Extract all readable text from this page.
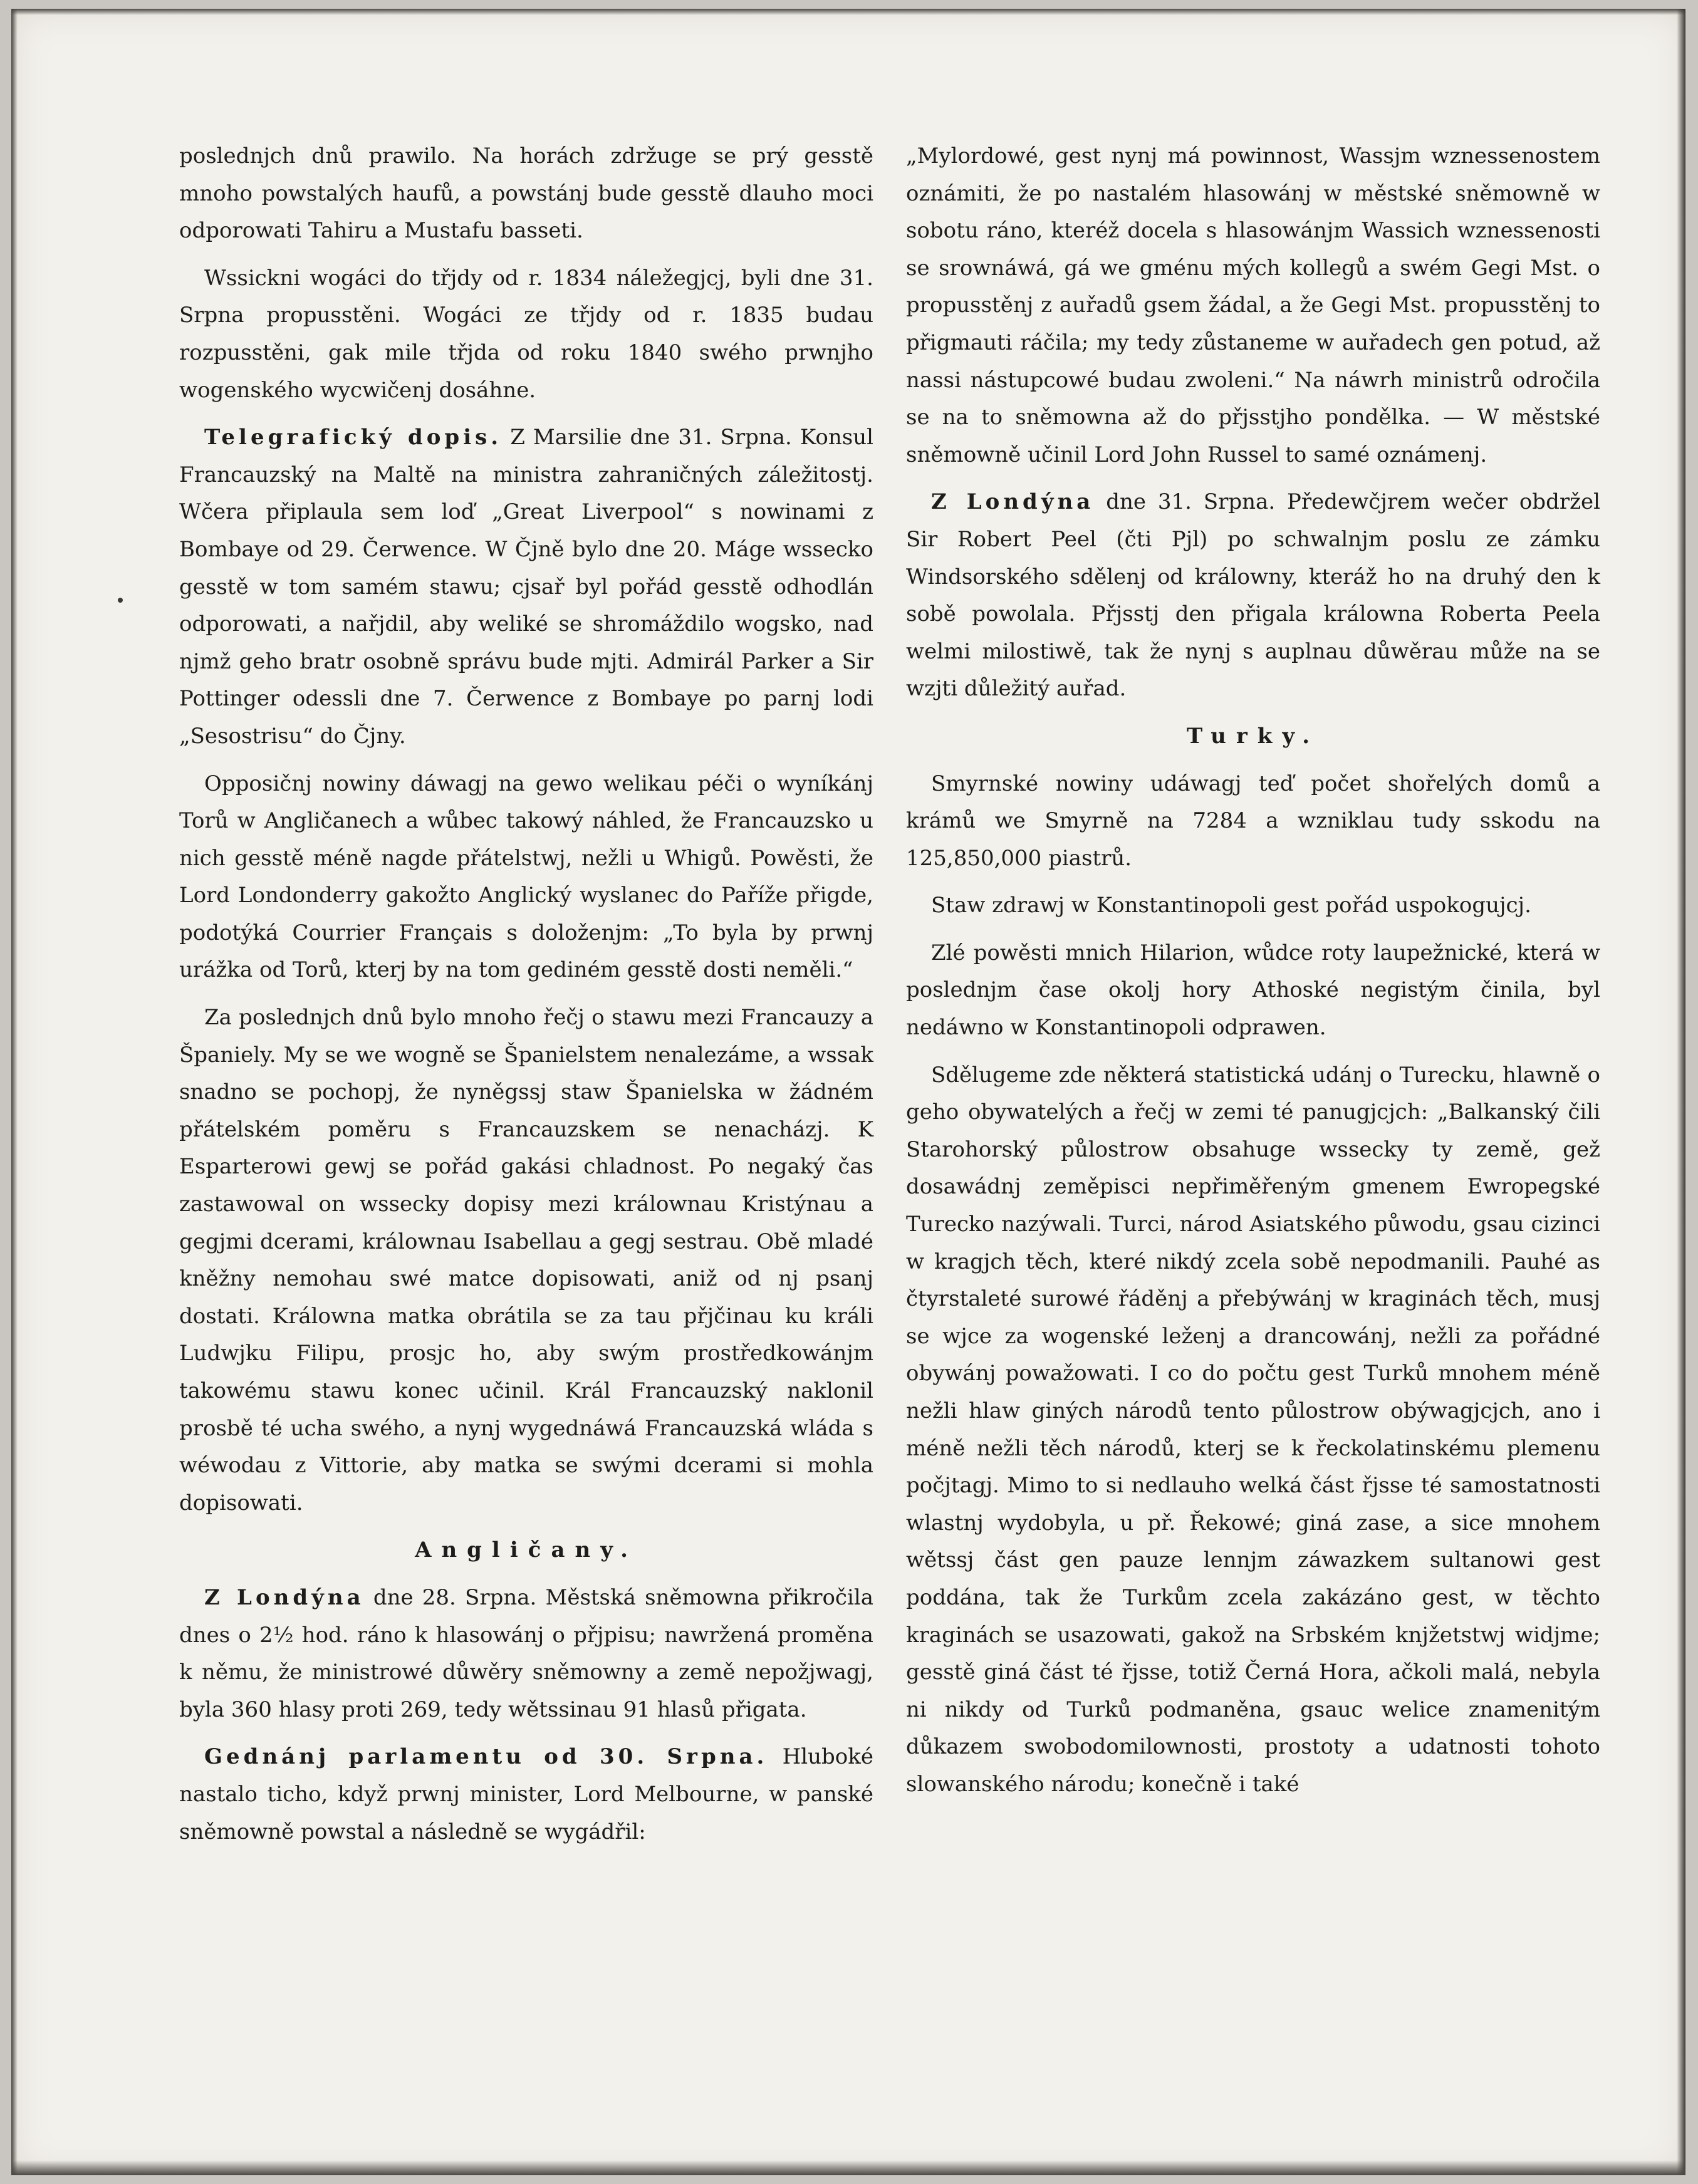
poslednjch dnů prawilo. Na horách zdržuge se prý gesstě mnoho powstalých haufů, a powstánj bude gesstě dlauho moci odporowati Tahiru a Mustafu basseti.

Wssickni wogáci do třjdy od r. 1834 náležegjcj, byli dne 31. Srpna propusstěni. Wogáci ze třjdy od r. 1835 budau rozpusstěni, gak mile třjda od roku 1840 swého prwnjho wogenského wycwičenj dosáhne.

Telegrafický dopis. Z Marsilie dne 31. Srpna. Konsul Francauzský na Maltě na ministra zahraničných záležitostj. Wčera připlaula sem loď „Great Liverpool“ s nowinami z Bombaye od 29. Čerwence. W Čjně bylo dne 20. Máge wssecko gesstě w tom samém stawu; cjsař byl pořád gesstě odhodlán odporowati, a nařjdil, aby weliké se shromáždilo wogsko, nad njmž geho bratr osobně správu bude mjti. Admirál Parker a Sir Pottinger odessli dne 7. Čerwence z Bombaye po parnj lodi „Sesostrisu“ do Čjny.

Opposičnj nowiny dáwagj na gewo welikau péči o wyníkánj Torů w Angličanech a wůbec takowý náhled, že Francauzsko u nich gesstě méně nagde přátelstwj, nežli u Whigů. Powěsti, že Lord Londonderry gakožto Anglický wyslanec do Paříže přigde, podotýká Courrier Français s doloženjm: „To byla by prwnj urážka od Torů, kterj by na tom gediném gesstě dosti neměli.“

Za poslednjch dnů bylo mnoho řečj o stawu mezi Francauzy a Španiely. My se we wogně se Španielstem nenalezáme, a wssak snadno se pochopj, že nyněgssj staw Španielska w žádném přátelském poměru s Francauzskem se nenacházj. K Esparterowi gewj se pořád gakási chladnost. Po negaký čas zastawowal on wssecky dopisy mezi králownau Kristýnau a gegjmi dcerami, králownau Isabellau a gegj sestrau. Obě mladé kněžny nemohau swé matce dopisowati, aniž od nj psanj dostati. Králowna matka obrátila se za tau přjčinau ku králi Ludwjku Filipu, prosjc ho, aby swým prostředkowánjm takowému stawu konec učinil. Král Francauzský naklonil prosbě té ucha swého, a nynj wygednáwá Francauzská wláda s wéwodau z Vittorie, aby matka se swými dcerami si mohla dopisowati.

Angličany.

Z Londýna dne 28. Srpna. Městská sněmowna přikročila dnes o 2½ hod. ráno k hlasowánj o přjpisu; nawržená proměna k němu, že ministrowé důwěry sněmowny a země nepožjwagj, byla 360 hlasy proti 269, tedy wětssinau 91 hlasů přigata.

Gednánj parlamentu od 30. Srpna. Hluboké nastalo ticho, když prwnj minister, Lord Melbourne, w panské sněmowně powstal a následně se wygádřil:

„Mylordowé, gest nynj má powinnost, Wassjm wznessenostem oznámiti, že po nastalém hlasowánj w městské sněmowně w sobotu ráno, kteréž docela s hlasowánjm Wassich wznessenosti se srownáwá, gá we gménu mých kollegů a swém Gegi Mst. o propusstěnj z auřadů gsem žádal, a že Gegi Mst. propusstěnj to přigmauti ráčila; my tedy zůstaneme w auřadech gen potud, až nassi nástupcowé budau zwoleni.“ Na náwrh ministrů odročila se na to sněmowna až do přjsstjho pondělka. — W městské sněmowně učinil Lord John Russel to samé oznámenj.

Z Londýna dne 31. Srpna. Předewčjrem wečer obdržel Sir Robert Peel (čti Pjl) po schwalnjm poslu ze zámku Windsorského sdělenj od králowny, kteráž ho na druhý den k sobě powolala. Přjsstj den přigala králowna Roberta Peela welmi milostiwě, tak že nynj s auplnau důwěrau může na se wzjti důležitý auřad.

Turky.

Smyrnské nowiny udáwagj teď počet shořelých domů a krámů we Smyrně na 7284 a wzniklau tudy sskodu na 125,850,000 piastrů.

Staw zdrawj w Konstantinopoli gest pořád uspokogujcj.

Zlé powěsti mnich Hilarion, wůdce roty laupežnické, která w poslednjm čase okolj hory Athoské negistým činila, byl nedáwno w Konstantinopoli odprawen.

Sdělugeme zde některá statistická udánj o Turecku, hlawně o geho obywatelých a řečj w zemi té panugjcjch: „Balkanský čili Starohorský půlostrow obsahuge wssecky ty země, gež dosawádnj zeměpisci nepřiměřeným gmenem Ewropegské Turecko nazýwali. Turci, národ Asiatského půwodu, gsau cizinci w kragjch těch, které nikdý zcela sobě nepodmanili. Pauhé as čtyrstaleté surowé řáděnj a přebýwánj w kraginách těch, musj se wjce za wogenské leženj a drancowánj, nežli za pořádné obywánj powažowati. I co do počtu gest Turků mnohem méně nežli hlaw giných národů tento půlostrow obýwagjcjch, ano i méně nežli těch národů, kterj se k řeckolatinskému plemenu počjtagj. Mimo to si nedlauho welká část řjsse té samostatnosti wlastnj wydobyla, u př. Řekowé; giná zase, a sice mnohem wětssj část gen pauze lennjm záwazkem sultanowi gest poddána, tak že Turkům zcela zakázáno gest, w těchto kraginách se usazowati, gakož na Srbském knjžetstwj widjme; gesstě giná část té řjsse, totiž Černá Hora, ačkoli malá, nebyla ni nikdy od Turků podmaněna, gsauc welice znamenitým důkazem swobodomilownosti, prostoty a udatnosti tohoto slowanského národu; konečně i také
